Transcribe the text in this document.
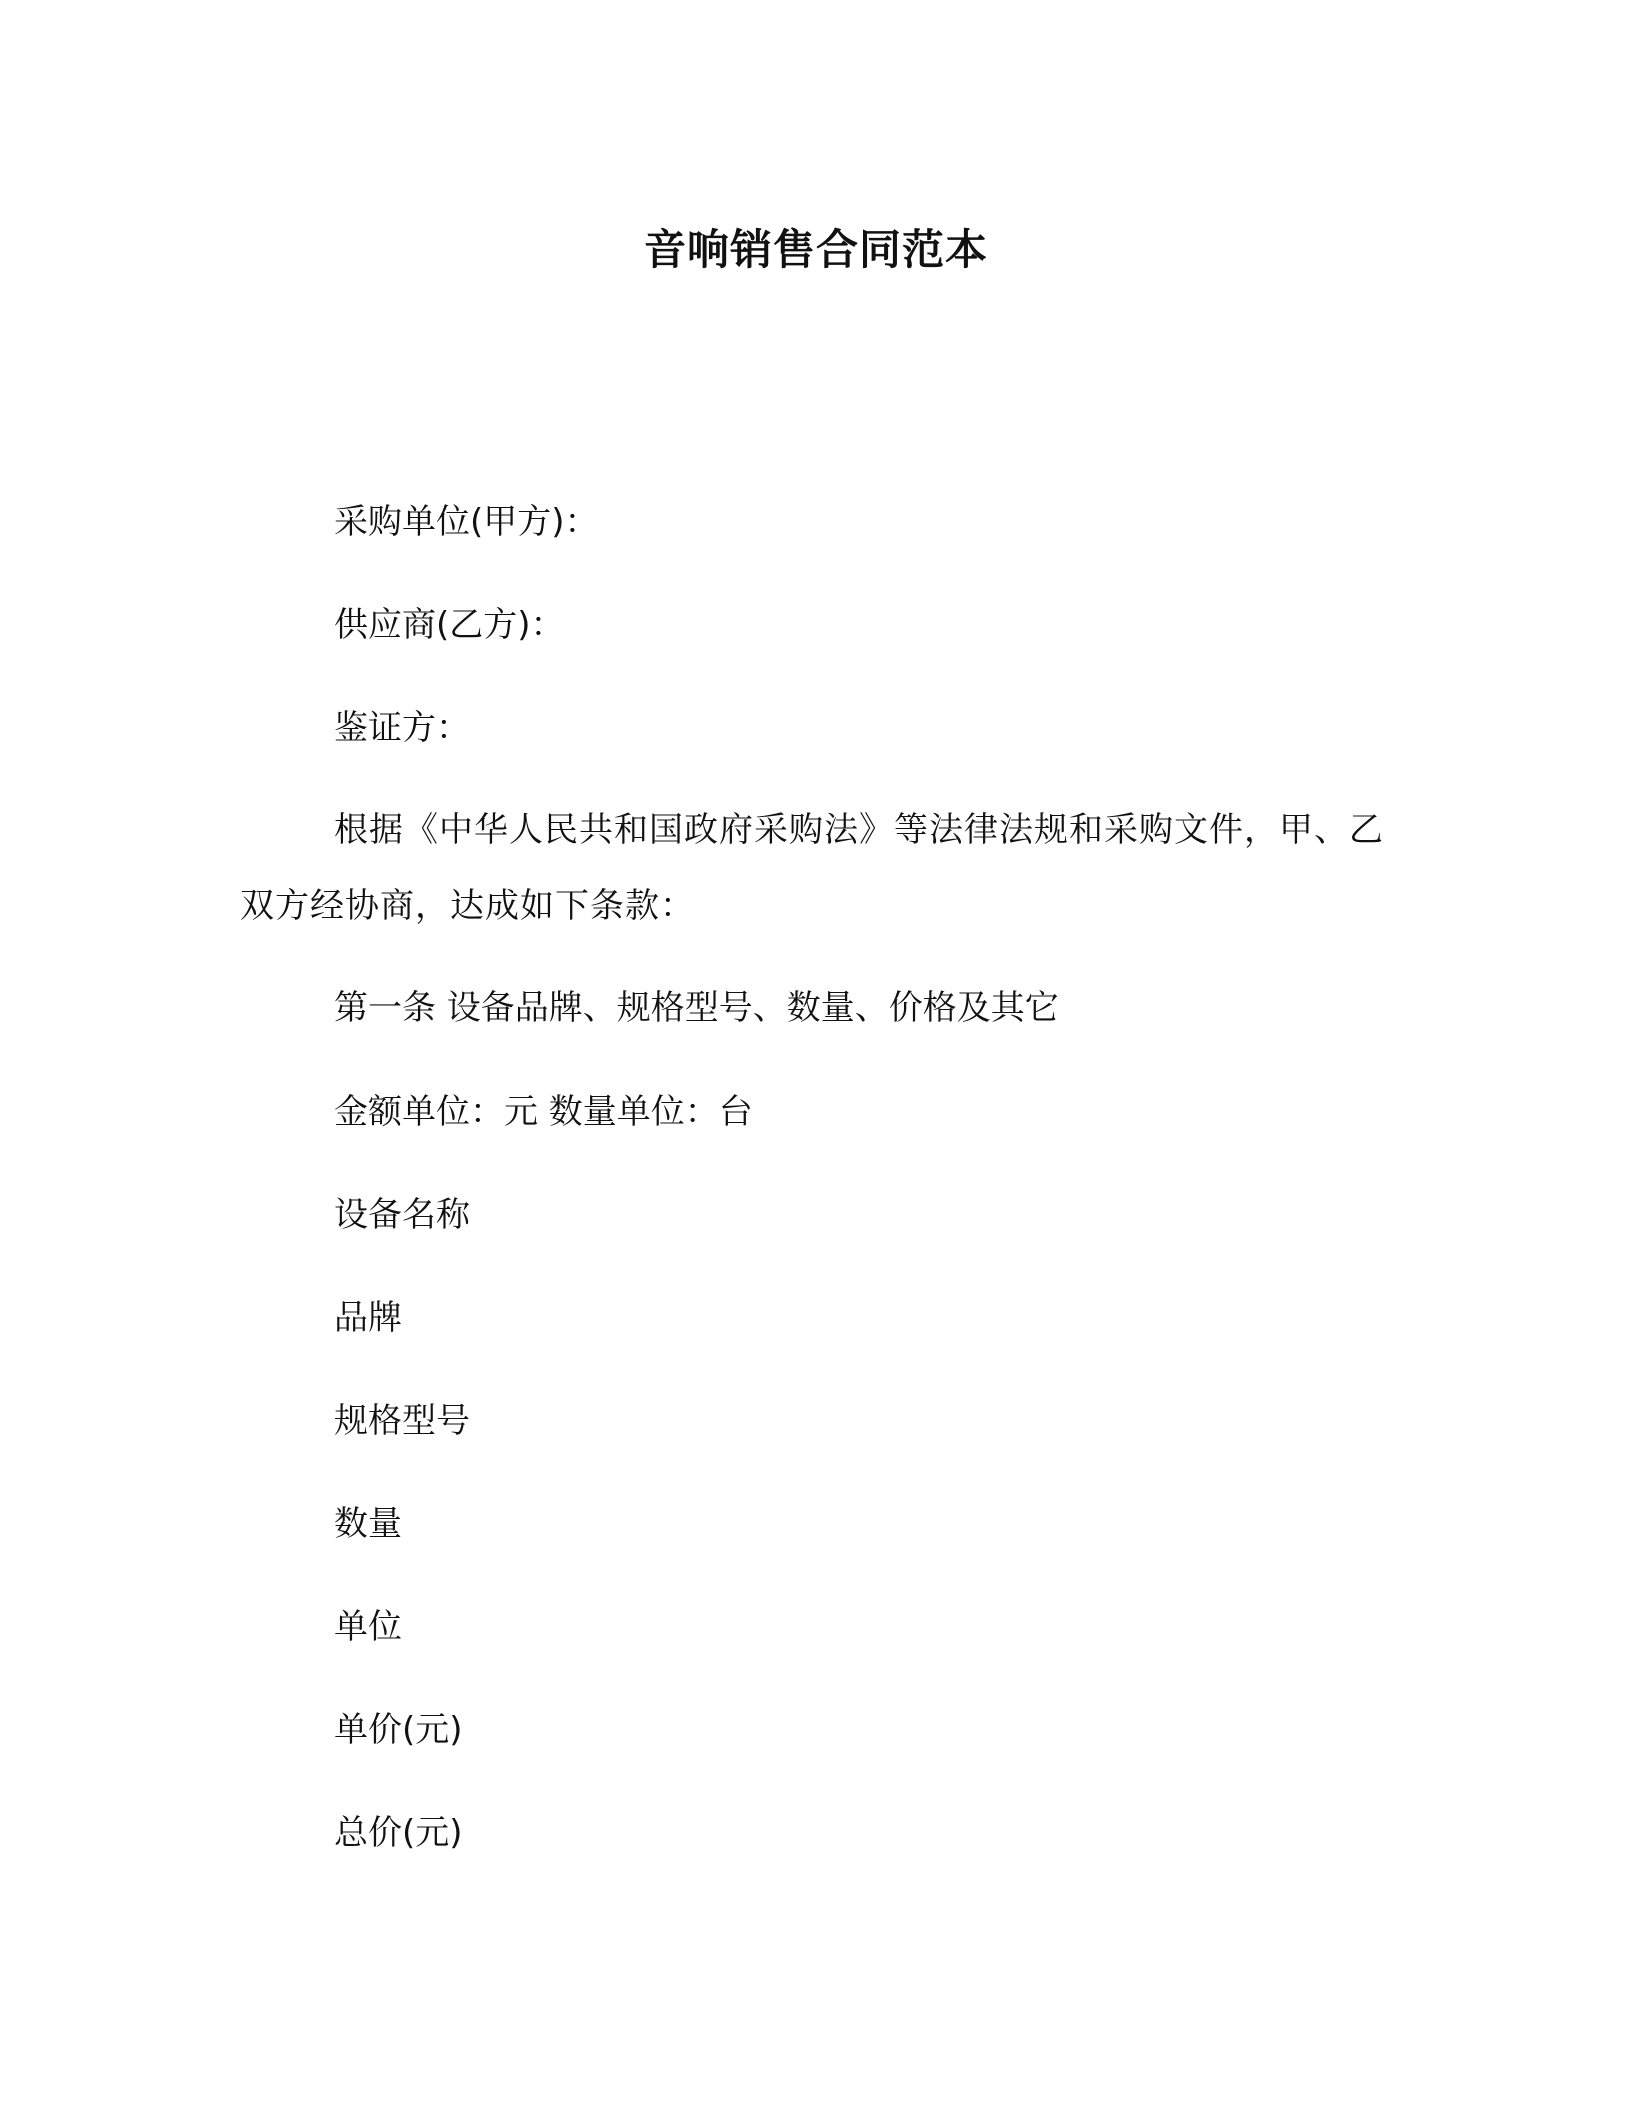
音响销售合同范本

采购单位(甲方)：

供应商(乙方)：

鉴证方：

根据《中华人民共和国政府采购法》等法律法规和采购文件，甲、乙双方经协商，达成如下条款：

第一条 设备品牌、规格型号、数量、价格及其它

金额单位：元 数量单位：台

设备名称

品牌

规格型号

数量

单位

单价(元)

总价(元)
